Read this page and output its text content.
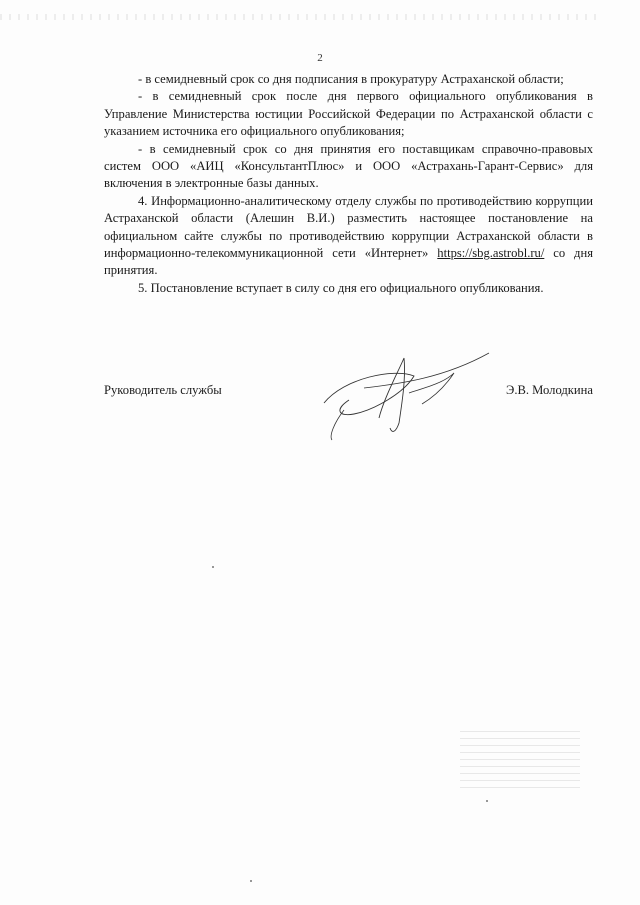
2

- в семидневный срок со дня подписания в прокуратуру Астраханской области;

- в семидневный срок после дня первого официального опубликования в Управление Министерства юстиции Российской Федерации по Астраханской области с указанием источника его официального опубликования;

- в семидневный срок со дня принятия его поставщикам справочно-правовых систем ООО «АИЦ «КонсультантПлюс» и ООО «Астрахань-Гарант-Сервис» для включения в электронные базы данных.

4. Информационно-аналитическому отделу службы по противодействию коррупции Астраханской области (Алешин В.И.) разместить настоящее постановление на официальном сайте службы по противодействию коррупции Астраханской области в информационно-телекоммуникационной сети «Интернет» https://sbg.astrobl.ru/ со дня принятия.

5. Постановление вступает в силу со дня его официального опубликования.

Руководитель службы	Э.В. Молодкина
